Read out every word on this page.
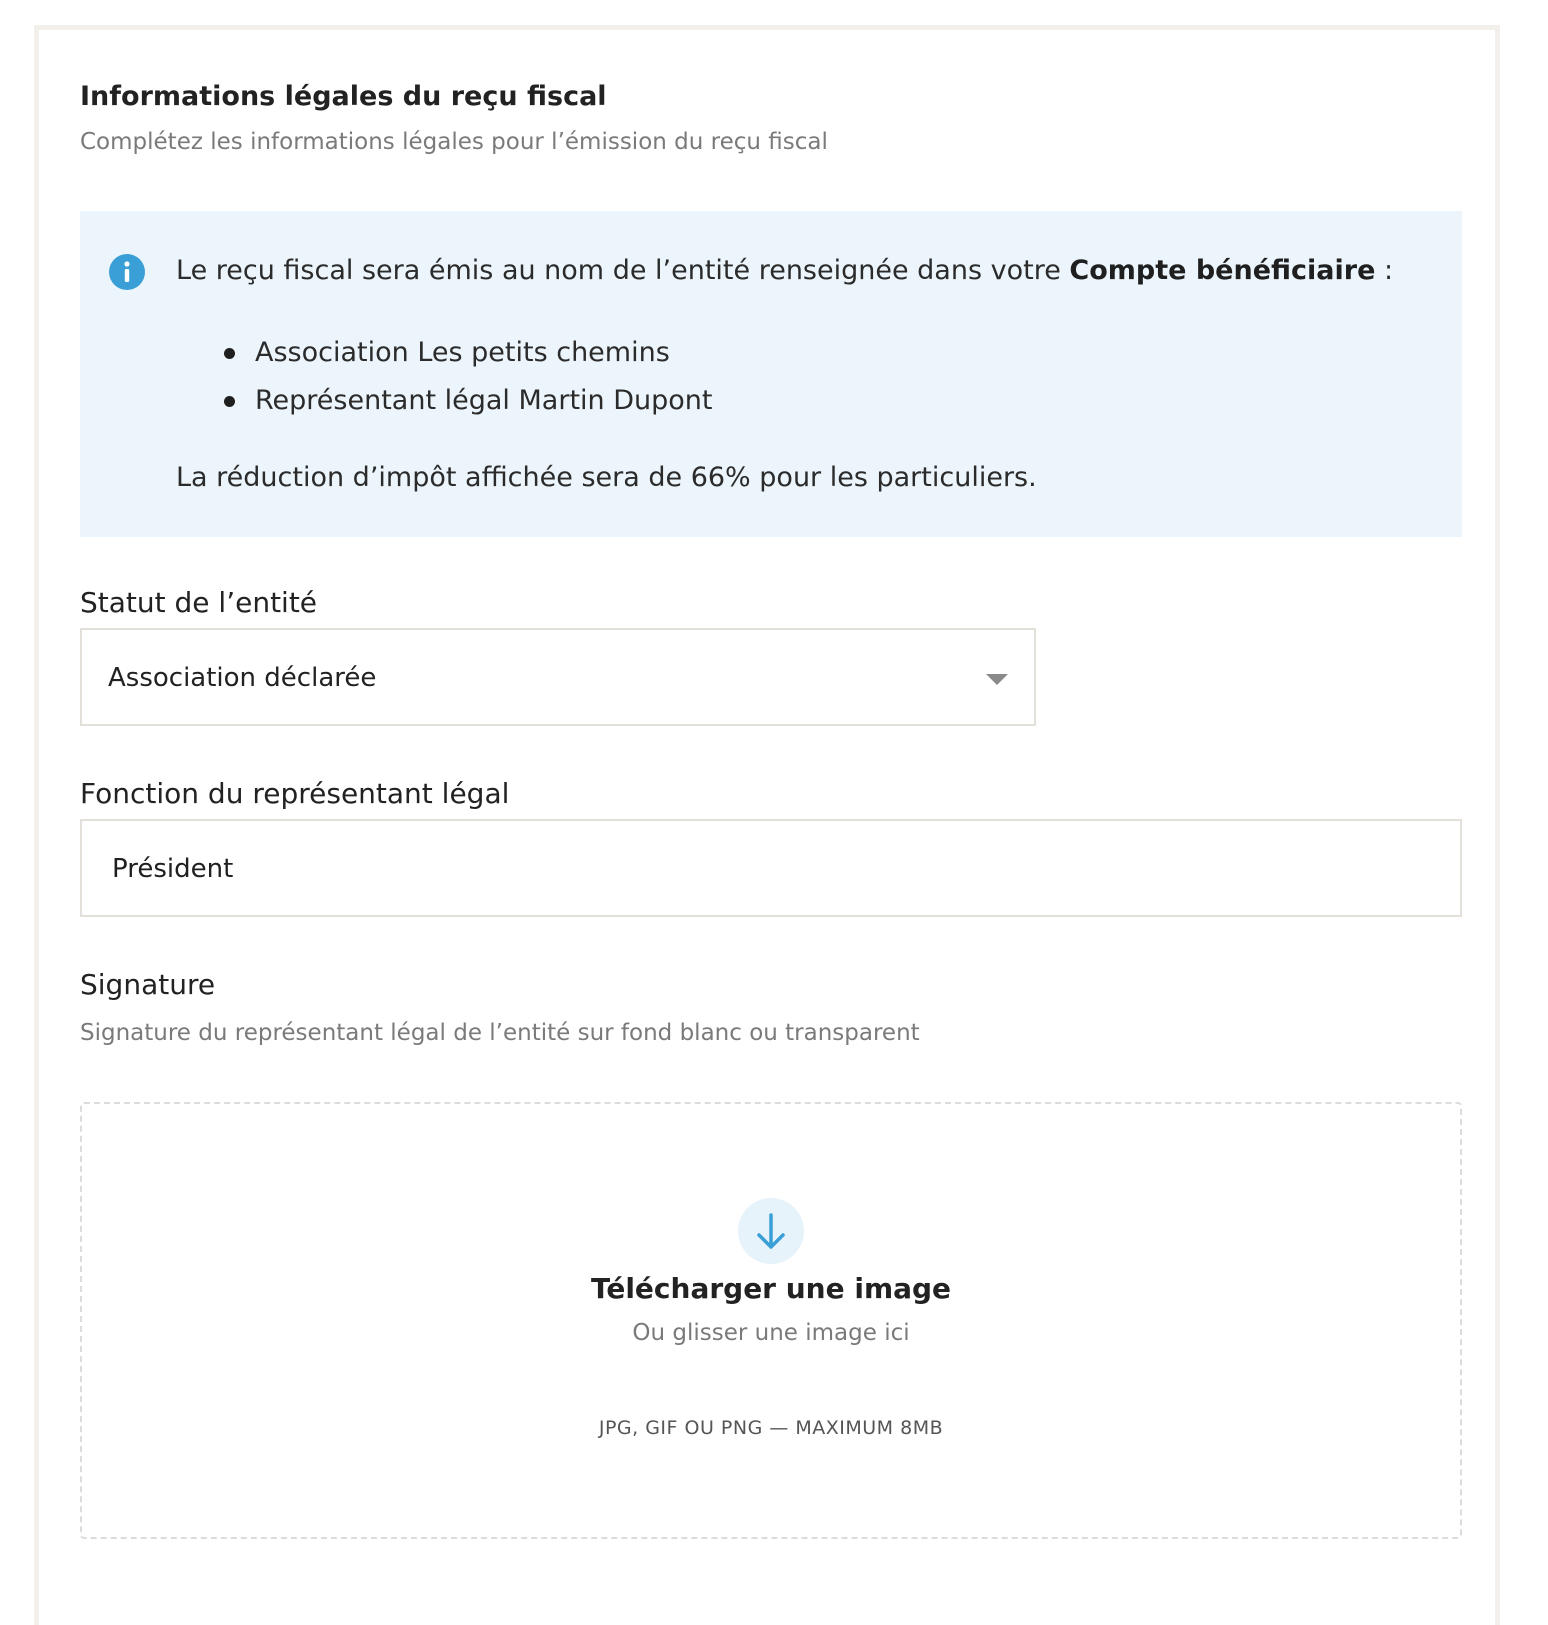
Informations légales du reçu fiscal
Complétez les informations légales pour l’émission du reçu fiscal
Le reçu fiscal sera émis au nom de l’entité renseignée dans votre Compte bénéficiaire :
Association Les petits chemins
Représentant légal Martin Dupont
La réduction d’impôt affichée sera de 66% pour les particuliers.
Statut de l’entité
Association déclarée
Fonction du représentant légal
Président
Signature
Signature du représentant légal de l’entité sur fond blanc ou transparent
Télécharger une image
Ou glisser une image ici
JPG, GIF OU PNG — MAXIMUM 8MB
